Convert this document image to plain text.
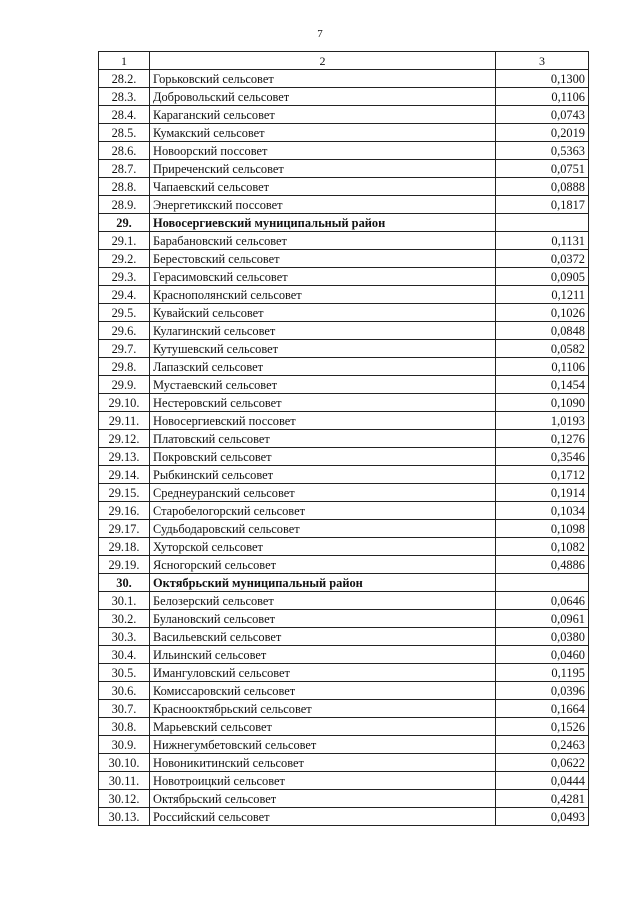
7
1	2	3
28.2.	Горьковский сельсовет	0,1300
28.3.	Добровольский сельсовет	0,1106
28.4.	Караганский сельсовет	0,0743
28.5.	Кумакский сельсовет	0,2019
28.6.	Новоорский поссовет	0,5363
28.7.	Приреченский сельсовет	0,0751
28.8.	Чапаевский сельсовет	0,0888
28.9.	Энергетикский поссовет	0,1817
29.	Новосергиевский муниципальный район	
29.1.	Барабановский сельсовет	0,1131
29.2.	Берестовский сельсовет	0,0372
29.3.	Герасимовский сельсовет	0,0905
29.4.	Краснополянский сельсовет	0,1211
29.5.	Кувайский сельсовет	0,1026
29.6.	Кулагинский сельсовет	0,0848
29.7.	Кутушевский сельсовет	0,0582
29.8.	Лапазский сельсовет	0,1106
29.9.	Мустаевский сельсовет	0,1454
29.10.	Нестеровский сельсовет	0,1090
29.11.	Новосергиевский поссовет	1,0193
29.12.	Платовский сельсовет	0,1276
29.13.	Покровский сельсовет	0,3546
29.14.	Рыбкинский сельсовет	0,1712
29.15.	Среднеуранский сельсовет	0,1914
29.16.	Старобелогорский сельсовет	0,1034
29.17.	Судьбодаровский сельсовет	0,1098
29.18.	Хуторской сельсовет	0,1082
29.19.	Ясногорский сельсовет	0,4886
30.	Октябрьский муниципальный район	
30.1.	Белозерский сельсовет	0,0646
30.2.	Булановский сельсовет	0,0961
30.3.	Васильевский сельсовет	0,0380
30.4.	Ильинский сельсовет	0,0460
30.5.	Имангуловский сельсовет	0,1195
30.6.	Комиссаровский сельсовет	0,0396
30.7.	Краснооктябрьский сельсовет	0,1664
30.8.	Марьевский сельсовет	0,1526
30.9.	Нижнегумбетовский сельсовет	0,2463
30.10.	Новоникитинский сельсовет	0,0622
30.11.	Новотроицкий сельсовет	0,0444
30.12.	Октябрьский сельсовет	0,4281
30.13.	Российский сельсовет	0,0493
